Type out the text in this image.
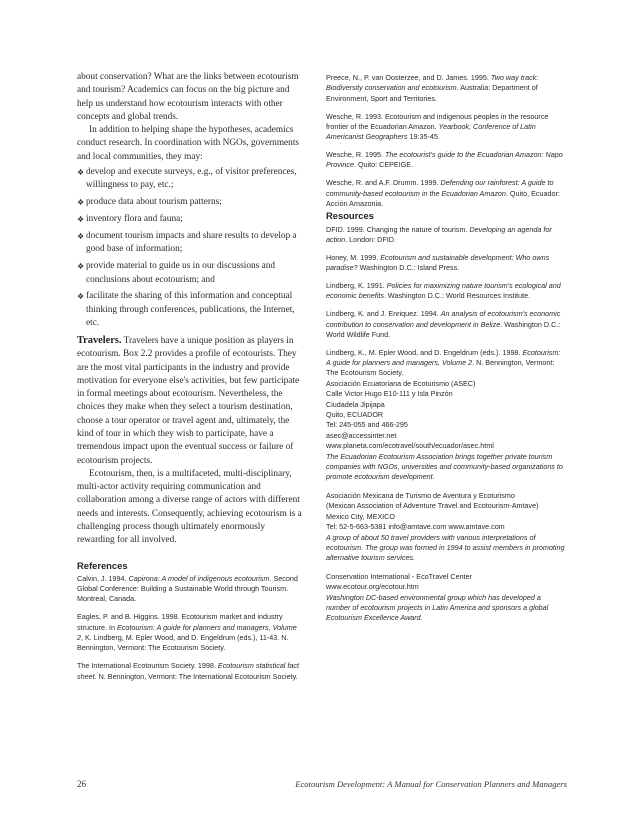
about conservation? What are the links between ecotourism and tourism? Academics can focus on the big picture and help us understand how ecotourism interacts with other concepts and global trends.

In addition to helping shape the hypotheses, academics conduct research. In coordination with NGOs, governments and local communities, they may:

❖ develop and execute surveys, e.g., of visitor preferences, willingness to pay, etc.;
❖ produce data about tourism patterns;
❖ inventory flora and fauna;
❖ document tourism impacts and share results to develop a good base of information;
❖ provide material to guide us in our discussions and conclusions about ecotourism; and
❖ facilitate the sharing of this information and conceptual thinking through conferences, publications, the Internet, etc.

Travelers. Travelers have a unique position as players in ecotourism. Box 2.2 provides a profile of ecotourists. They are the most vital participants in the industry and provide motivation for everyone else's activities, but few participate in formal meetings about ecotourism. Nevertheless, the choices they make when they select a tourism destination, choose a tour operator or travel agent and, ultimately, the kind of tour in which they wish to participate, have a tremendous impact upon the eventual success or failure of ecotourism projects.

Ecotourism, then, is a multifaceted, multi-disciplinary, multi-actor activity requiring communication and collaboration among a diverse range of actors with different needs and interests. Consequently, achieving ecotourism is a challenging process though ultimately enormously rewarding for all involved.

References
Calvin, J. 1994. Capirona: A model of indigenous ecotourism. Second Global Conference: Building a Sustainable World through Tourism. Montreal, Canada.
Eagles, P. and B. Higgins. 1998. Ecotourism market and industry structure. In Ecotourism: A guide for planners and managers, Volume 2, K. Lindberg, M. Epler Wood, and D. Engeldrum (eds.), 11-43. N. Bennington, Vermont: The Ecotourism Society.
The International Ecotourism Society. 1998. Ecotourism statistical fact sheet. N. Bennington, Vermont: The International Ecotourism Society.
Preece, N., P. van Oosterzee, and D. James. 1995. Two way track: Biodiversity conservation and ecotourism. Australia: Department of Environment, Sport and Territories.
Wesche, R. 1993. Ecotourism and indigenous peoples in the resource frontier of the Ecuadorian Amazon. Yearbook, Conference of Latin Americanist Geographers 19:35-45.
Wesche, R. 1995. The ecotourist's guide to the Ecuadorian Amazon: Napo Province. Quito: CEPEIGE.
Wesche, R. and A.F. Drumm. 1999. Defending our rainforest: A guide to community-based ecotourism in the Ecuadorian Amazon. Quito, Ecuador: Acción Amazonia.
Resources
DFID. 1999. Changing the nature of tourism. Developing an agenda for action. London: DFID.
Honey, M. 1999. Ecotourism and sustainable development: Who owns paradise? Washington D.C.: Island Press.
Lindberg, K. 1991. Policies for maximizing nature tourism's ecological and economic benefits. Washington D.C.: World Resources Institute.
Lindberg, K. and J. Enriquez. 1994. An analysis of ecotourism's economic contribution to conservation and development in Belize. Washington D.C.: World Wildlife Fund.
Lindberg, K., M. Epler Wood, and D. Engeldrum (eds.). 1998. Ecotourism: A guide for planners and managers, Volume 2. N. Bennington, Vermont: The Ecotourism Society.
Asociación Ecuatoriana de Ecoturismo (ASEC)
Calle Victor Hugo E10-111 y Isla Pinzón
Ciudadela Jipijapa
Quito, ECUADOR
Tel: 245-055 and 466-295
asec@accessinter.net
www.planeta.com/ecotravel/south/ecuador/asec.html
The Ecuadorian Ecotourism Association brings together private tourism companies with NGOs, universities and community-based organizations to promote ecotourism development.
Asociación Mexicana de Turismo de Aventura y Ecoturismo
(Mexican Association of Adventure Travel and Ecotourism-Amtave)
Mexico City, MEXICO
Tel: 52-5-663-5381 info@amtave.com www.amtave.com
A group of about 50 travel providers with various interpretations of ecotourism. The group was formed in 1994 to assist members in promoting alternative tourism services.
Conservation International - EcoTravel Center
www.ecotour.org/ecotour.htm
Washington DC-based environmental group which has developed a number of ecotourism projects in Latin America and sponsors a global Ecotourism Excellence Award.
26	Ecotourism Development: A Manual for Conservation Planners and Managers
